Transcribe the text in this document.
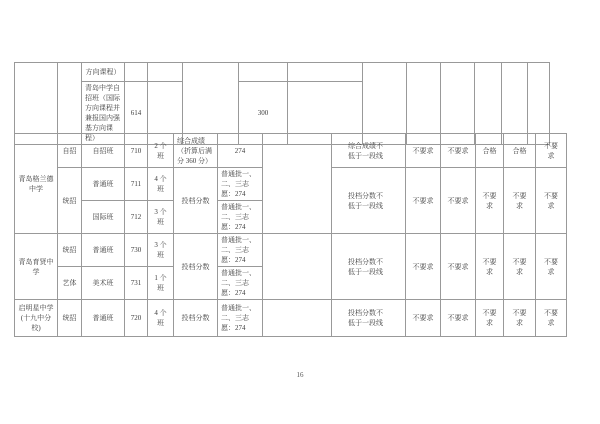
		方向课程）											
		青岛中学自招班（国际方向课程并兼报国内强基方向课程）	614			300							
青岛格兰德中学	自招	自招班	710	2 个班	综合成绩（折算后满分 360 分）	274		综合成绩不低于一段线	不要求	不要求	合格	合格	不要求
	统招	普通班	711	4 个班	投档分数	普通批一、二、三志愿：274		投档分数不低于一段线	不要求	不要求	不要求	不要求	不要求
		国际班	712	3 个班		普通批一、二、三志愿：274							
青岛育贤中学	统招	普通班	730	3 个班	投档分数	普通批一、二、三志愿：274		投档分数不低于一段线	不要求	不要求	不要求	不要求	不要求
	艺体	美术班	731	1 个班		普通批一、二、三志愿：274							
启明星中学(十九中分校)	统招	普通班	720	4 个班	投档分数	普通批一、二、三志愿：274		投档分数不低于一段线	不要求	不要求	不要求	不要求	不要求
16
